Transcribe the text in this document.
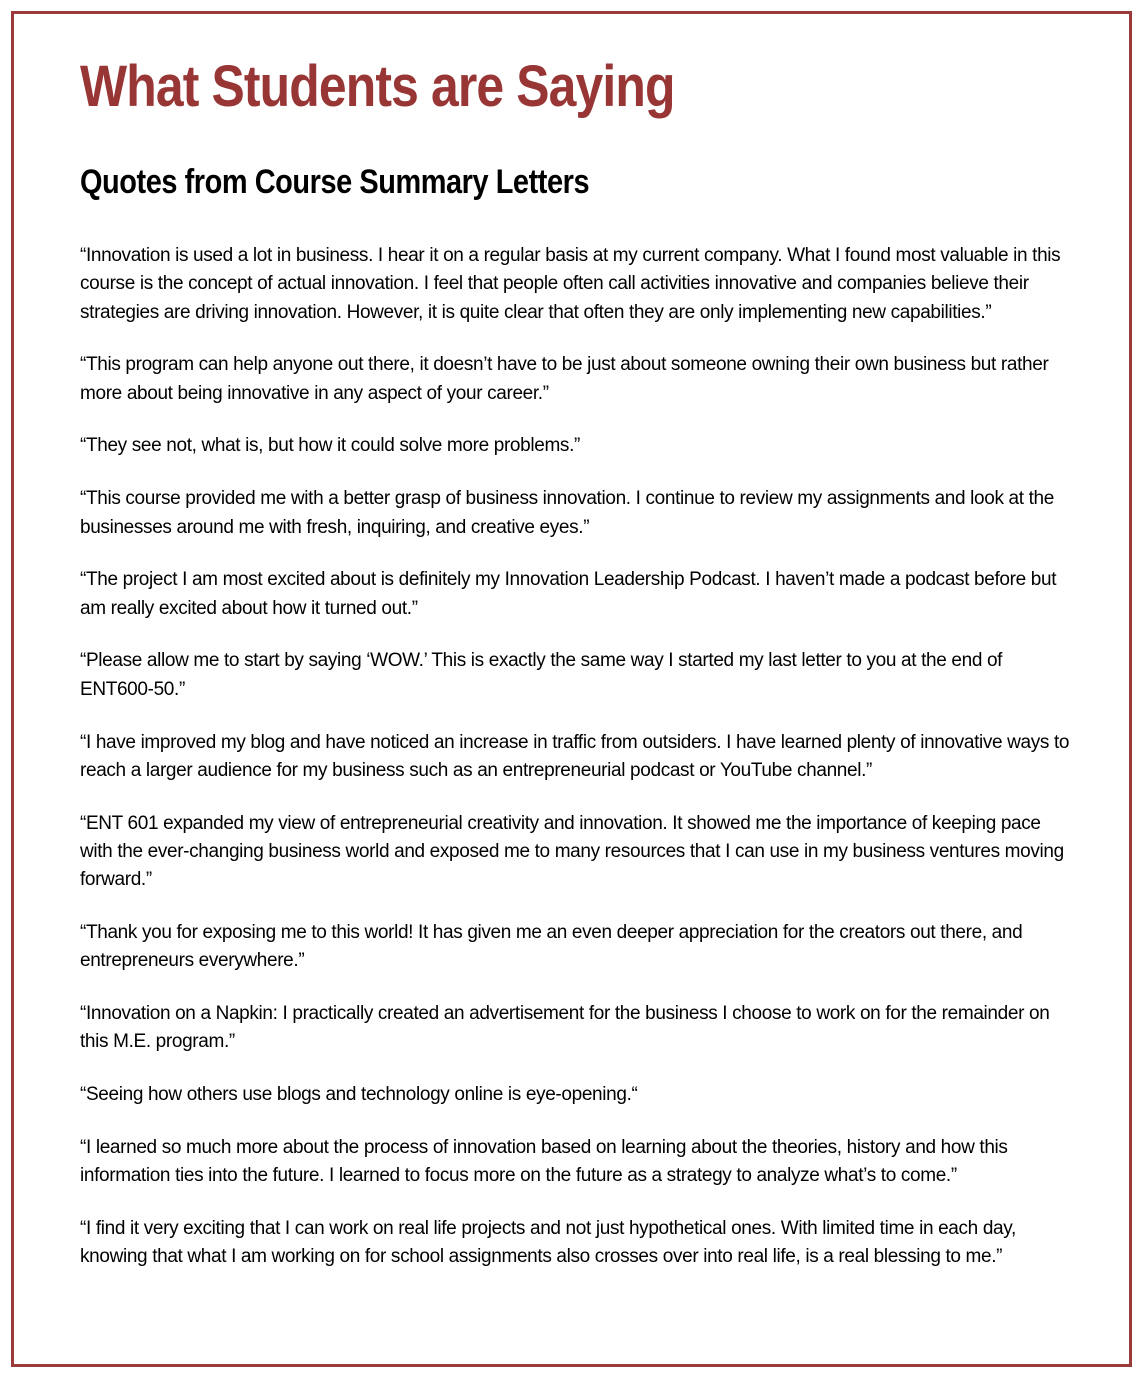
What Students are Saying
Quotes from Course Summary Letters
“Innovation is used a lot in business. I hear it on a regular basis at my current company. What I found most valuable in this course is the concept of actual innovation. I feel that people often call activities innovative and companies believe their strategies are driving innovation. However, it is quite clear that often they are only implementing new capabilities.”
“This program can help anyone out there, it doesn’t have to be just about someone owning their own business but rather more about being innovative in any aspect of your career.”
“They see not, what is, but how it could solve more problems.”
“This course provided me with a better grasp of business innovation. I continue to review my assignments and look at the businesses around me with fresh, inquiring, and creative eyes.”
“The project I am most excited about is definitely my Innovation Leadership Podcast. I haven’t made a podcast before but am really excited about how it turned out.”
“Please allow me to start by saying ‘WOW.’ This is exactly the same way I started my last letter to you at the end of ENT600-50.”
“I have improved my blog and have noticed an increase in traffic from outsiders. I have learned plenty of innovative ways to reach a larger audience for my business such as an entrepreneurial podcast or YouTube channel.”
“ENT 601 expanded my view of entrepreneurial creativity and innovation. It showed me the importance of keeping pace with the ever-changing business world and exposed me to many resources that I can use in my business ventures moving forward.”
“Thank you for exposing me to this world! It has given me an even deeper appreciation for the creators out there, and entrepreneurs everywhere.”
“Innovation on a Napkin: I practically created an advertisement for the business I choose to work on for the remainder on this M.E. program.”
“Seeing how others use blogs and technology online is eye-opening.“
“I learned so much more about the process of innovation based on learning about the theories, history and how this information ties into the future. I learned to focus more on the future as a strategy to analyze what’s to come.”
“I find it very exciting that I can work on real life projects and not just hypothetical ones. With limited time in each day, knowing that what I am working on for school assignments also crosses over into real life, is a real blessing to me.”
